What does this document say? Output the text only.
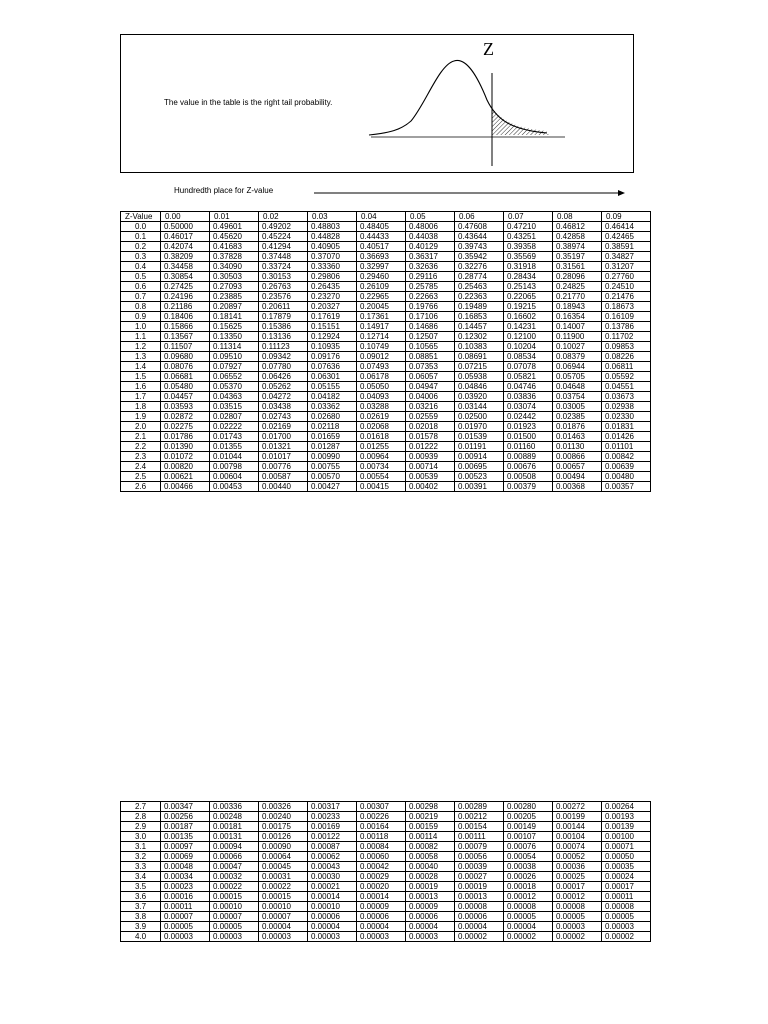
The value in the table is the right tail probability.
Z
Hundredth place for Z-value
Z-Value	0.00	0.01	0.02	0.03	0.04	0.05	0.06	0.07	0.08	0.09
0.0	0.50000	0.49601	0.49202	0.48803	0.48405	0.48006	0.47608	0.47210	0.46812	0.46414
0.1	0.46017	0.45620	0.45224	0.44828	0.44433	0.44038	0.43644	0.43251	0.42858	0.42465
0.2	0.42074	0.41683	0.41294	0.40905	0.40517	0.40129	0.39743	0.39358	0.38974	0.38591
0.3	0.38209	0.37828	0.37448	0.37070	0.36693	0.36317	0.35942	0.35569	0.35197	0.34827
0.4	0.34458	0.34090	0.33724	0.33360	0.32997	0.32636	0.32276	0.31918	0.31561	0.31207
0.5	0.30854	0.30503	0.30153	0.29806	0.29460	0.29116	0.28774	0.28434	0.28096	0.27760
0.6	0.27425	0.27093	0.26763	0.26435	0.26109	0.25785	0.25463	0.25143	0.24825	0.24510
0.7	0.24196	0.23885	0.23576	0.23270	0.22965	0.22663	0.22363	0.22065	0.21770	0.21476
0.8	0.21186	0.20897	0.20611	0.20327	0.20045	0.19766	0.19489	0.19215	0.18943	0.18673
0.9	0.18406	0.18141	0.17879	0.17619	0.17361	0.17106	0.16853	0.16602	0.16354	0.16109
1.0	0.15866	0.15625	0.15386	0.15151	0.14917	0.14686	0.14457	0.14231	0.14007	0.13786
1.1	0.13567	0.13350	0.13136	0.12924	0.12714	0.12507	0.12302	0.12100	0.11900	0.11702
1.2	0.11507	0.11314	0.11123	0.10935	0.10749	0.10565	0.10383	0.10204	0.10027	0.09853
1.3	0.09680	0.09510	0.09342	0.09176	0.09012	0.08851	0.08691	0.08534	0.08379	0.08226
1.4	0.08076	0.07927	0.07780	0.07636	0.07493	0.07353	0.07215	0.07078	0.06944	0.06811
1.5	0.06681	0.06552	0.06426	0.06301	0.06178	0.06057	0.05938	0.05821	0.05705	0.05592
1.6	0.05480	0.05370	0.05262	0.05155	0.05050	0.04947	0.04846	0.04746	0.04648	0.04551
1.7	0.04457	0.04363	0.04272	0.04182	0.04093	0.04006	0.03920	0.03836	0.03754	0.03673
1.8	0.03593	0.03515	0.03438	0.03362	0.03288	0.03216	0.03144	0.03074	0.03005	0.02938
1.9	0.02872	0.02807	0.02743	0.02680	0.02619	0.02559	0.02500	0.02442	0.02385	0.02330
2.0	0.02275	0.02222	0.02169	0.02118	0.02068	0.02018	0.01970	0.01923	0.01876	0.01831
2.1	0.01786	0.01743	0.01700	0.01659	0.01618	0.01578	0.01539	0.01500	0.01463	0.01426
2.2	0.01390	0.01355	0.01321	0.01287	0.01255	0.01222	0.01191	0.01160	0.01130	0.01101
2.3	0.01072	0.01044	0.01017	0.00990	0.00964	0.00939	0.00914	0.00889	0.00866	0.00842
2.4	0.00820	0.00798	0.00776	0.00755	0.00734	0.00714	0.00695	0.00676	0.00657	0.00639
2.5	0.00621	0.00604	0.00587	0.00570	0.00554	0.00539	0.00523	0.00508	0.00494	0.00480
2.6	0.00466	0.00453	0.00440	0.00427	0.00415	0.00402	0.00391	0.00379	0.00368	0.00357
2.7	0.00347	0.00336	0.00326	0.00317	0.00307	0.00298	0.00289	0.00280	0.00272	0.00264
2.8	0.00256	0.00248	0.00240	0.00233	0.00226	0.00219	0.00212	0.00205	0.00199	0.00193
2.9	0.00187	0.00181	0.00175	0.00169	0.00164	0.00159	0.00154	0.00149	0.00144	0.00139
3.0	0.00135	0.00131	0.00126	0.00122	0.00118	0.00114	0.00111	0.00107	0.00104	0.00100
3.1	0.00097	0.00094	0.00090	0.00087	0.00084	0.00082	0.00079	0.00076	0.00074	0.00071
3.2	0.00069	0.00066	0.00064	0.00062	0.00060	0.00058	0.00056	0.00054	0.00052	0.00050
3.3	0.00048	0.00047	0.00045	0.00043	0.00042	0.00040	0.00039	0.00038	0.00036	0.00035
3.4	0.00034	0.00032	0.00031	0.00030	0.00029	0.00028	0.00027	0.00026	0.00025	0.00024
3.5	0.00023	0.00022	0.00022	0.00021	0.00020	0.00019	0.00019	0.00018	0.00017	0.00017
3.6	0.00016	0.00015	0.00015	0.00014	0.00014	0.00013	0.00013	0.00012	0.00012	0.00011
3.7	0.00011	0.00010	0.00010	0.00010	0.00009	0.00009	0.00008	0.00008	0.00008	0.00008
3.8	0.00007	0.00007	0.00007	0.00006	0.00006	0.00006	0.00006	0.00005	0.00005	0.00005
3.9	0.00005	0.00005	0.00004	0.00004	0.00004	0.00004	0.00004	0.00004	0.00003	0.00003
4.0	0.00003	0.00003	0.00003	0.00003	0.00003	0.00003	0.00002	0.00002	0.00002	0.00002
